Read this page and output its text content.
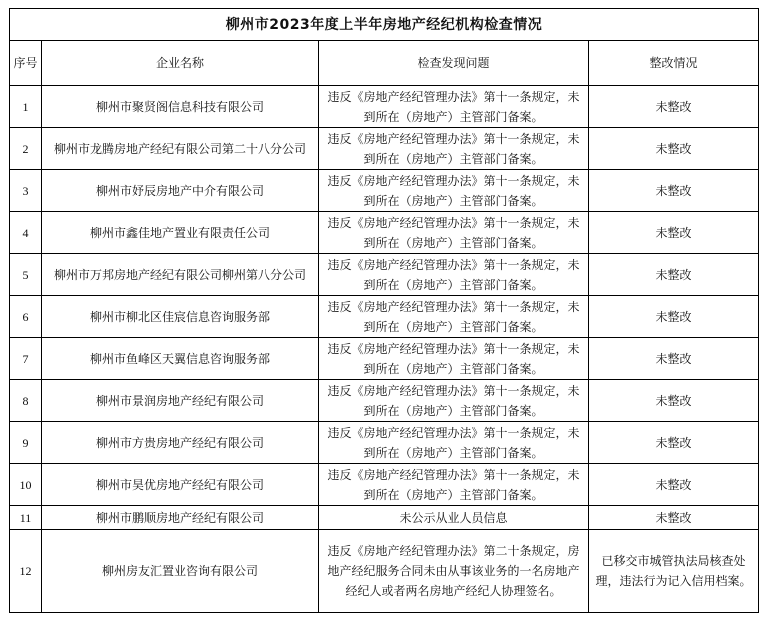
柳州市2023年度上半年房地产经纪机构检查情况			
序号	企业名称	检查发现问题	整改情况
1	柳州市聚贤阁信息科技有限公司	违反《房地产经纪管理办法》第十一条规定，未到所在（房地产）主管部门备案。	未整改
2	柳州市龙腾房地产经纪有限公司第二十八分公司	违反《房地产经纪管理办法》第十一条规定，未到所在（房地产）主管部门备案。	未整改
3	柳州市妤辰房地产中介有限公司	违反《房地产经纪管理办法》第十一条规定，未到所在（房地产）主管部门备案。	未整改
4	柳州市鑫佳地产置业有限责任公司	违反《房地产经纪管理办法》第十一条规定，未到所在（房地产）主管部门备案。	未整改
5	柳州市万邦房地产经纪有限公司柳州第八分公司	违反《房地产经纪管理办法》第十一条规定，未到所在（房地产）主管部门备案。	未整改
6	柳州市柳北区佳宸信息咨询服务部	违反《房地产经纪管理办法》第十一条规定，未到所在（房地产）主管部门备案。	未整改
7	柳州市鱼峰区天翼信息咨询服务部	违反《房地产经纪管理办法》第十一条规定，未到所在（房地产）主管部门备案。	未整改
8	柳州市景润房地产经纪有限公司	违反《房地产经纪管理办法》第十一条规定，未到所在（房地产）主管部门备案。	未整改
9	柳州市方贵房地产经纪有限公司	违反《房地产经纪管理办法》第十一条规定，未到所在（房地产）主管部门备案。	未整改
10	柳州市昊优房地产经纪有限公司	违反《房地产经纪管理办法》第十一条规定，未到所在（房地产）主管部门备案。	未整改
11	柳州市鹏顺房地产经纪有限公司	未公示从业人员信息	未整改
12	柳州房友汇置业咨询有限公司	违反《房地产经纪管理办法》第二十条规定，房地产经纪服务合同未由从事该业务的一名房地产经纪人或者两名房地产经纪人协理签名。	已移交市城管执法局核查处理，违法行为记入信用档案。
